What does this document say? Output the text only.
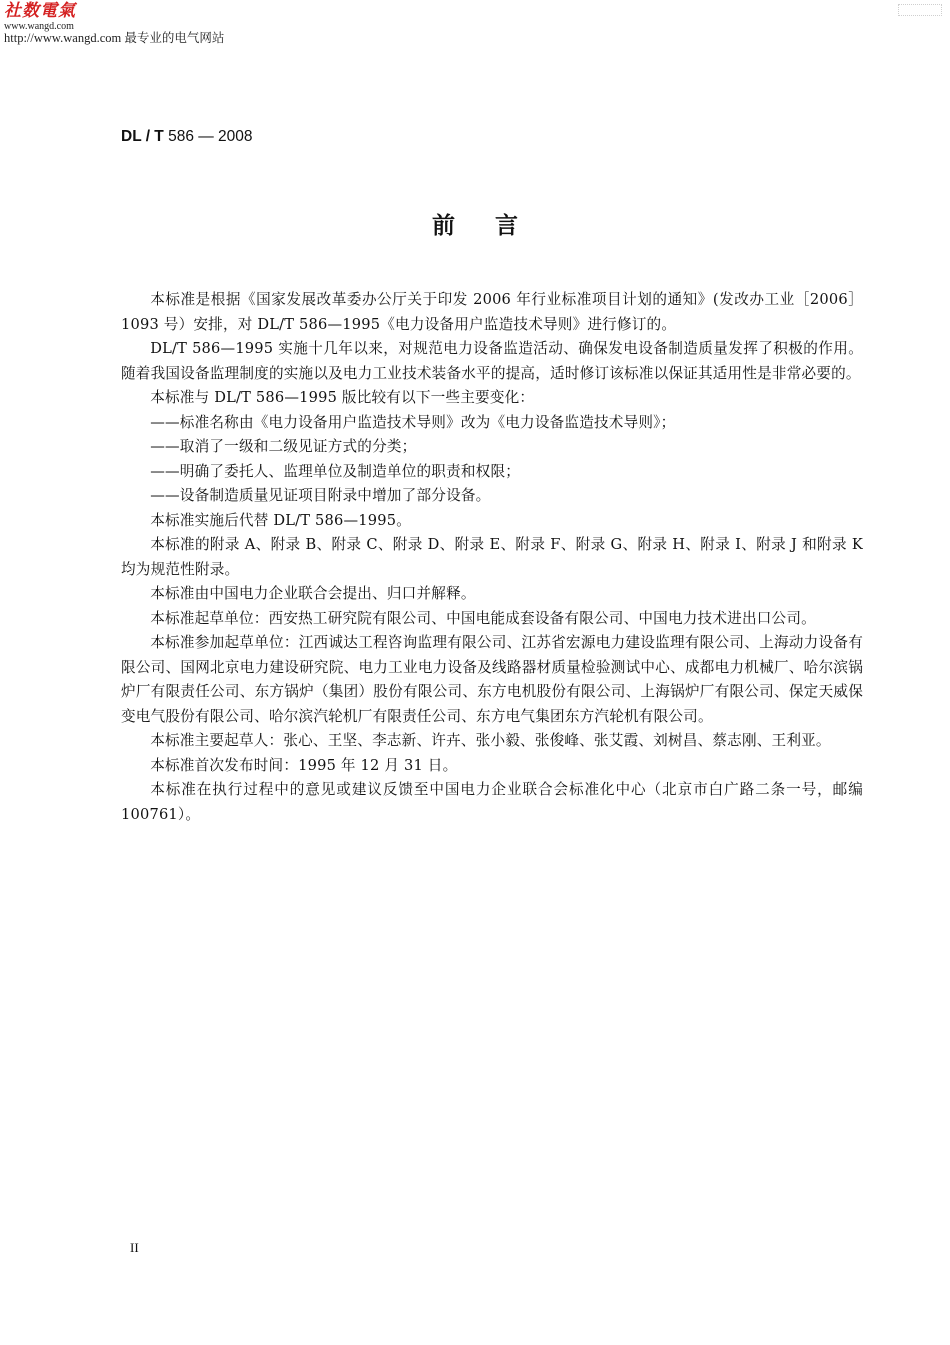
社数電氣
www.wangd.com
http://www.wangd.com 最专业的电气网站
DL / T 586 — 2008
前言

本标准是根据《国家发展改革委办公厅关于印发 2006 年行业标准项目计划的通知》(发改办工业［2006］1093 号）安排，对 DL/T 586—1995《电力设备用户监造技术导则》进行修订的。

DL/T 586—1995 实施十几年以来，对规范电力设备监造活动、确保发电设备制造质量发挥了积极的作用。随着我国设备监理制度的实施以及电力工业技术装备水平的提高，适时修订该标准以保证其适用性是非常必要的。

本标准与 DL/T 586—1995 版比较有以下一些主要变化：

——标准名称由《电力设备用户监造技术导则》改为《电力设备监造技术导则》；

——取消了一级和二级见证方式的分类；

——明确了委托人、监理单位及制造单位的职责和权限；

——设备制造质量见证项目附录中增加了部分设备。

本标准实施后代替 DL/T 586—1995。

本标准的附录 A、附录 B、附录 C、附录 D、附录 E、附录 F、附录 G、附录 H、附录 I、附录 J 和附录 K 均为规范性附录。

本标准由中国电力企业联合会提出、归口并解释。

本标准起草单位：西安热工研究院有限公司、中国电能成套设备有限公司、中国电力技术进出口公司。

本标准参加起草单位：江西诚达工程咨询监理有限公司、江苏省宏源电力建设监理有限公司、上海动力设备有限公司、国网北京电力建设研究院、电力工业电力设备及线路器材质量检验测试中心、成都电力机械厂、哈尔滨锅炉厂有限责任公司、东方锅炉（集团）股份有限公司、东方电机股份有限公司、上海锅炉厂有限公司、保定天威保变电气股份有限公司、哈尔滨汽轮机厂有限责任公司、东方电气集团东方汽轮机有限公司。

本标准主要起草人：张心、王坚、李志新、许卉、张小毅、张俊峰、张艾霞、刘树昌、蔡志刚、王利亚。

本标准首次发布时间：1995 年 12 月 31 日。

本标准在执行过程中的意见或建议反馈至中国电力企业联合会标准化中心（北京市白广路二条一号，邮编 100761）。

II
